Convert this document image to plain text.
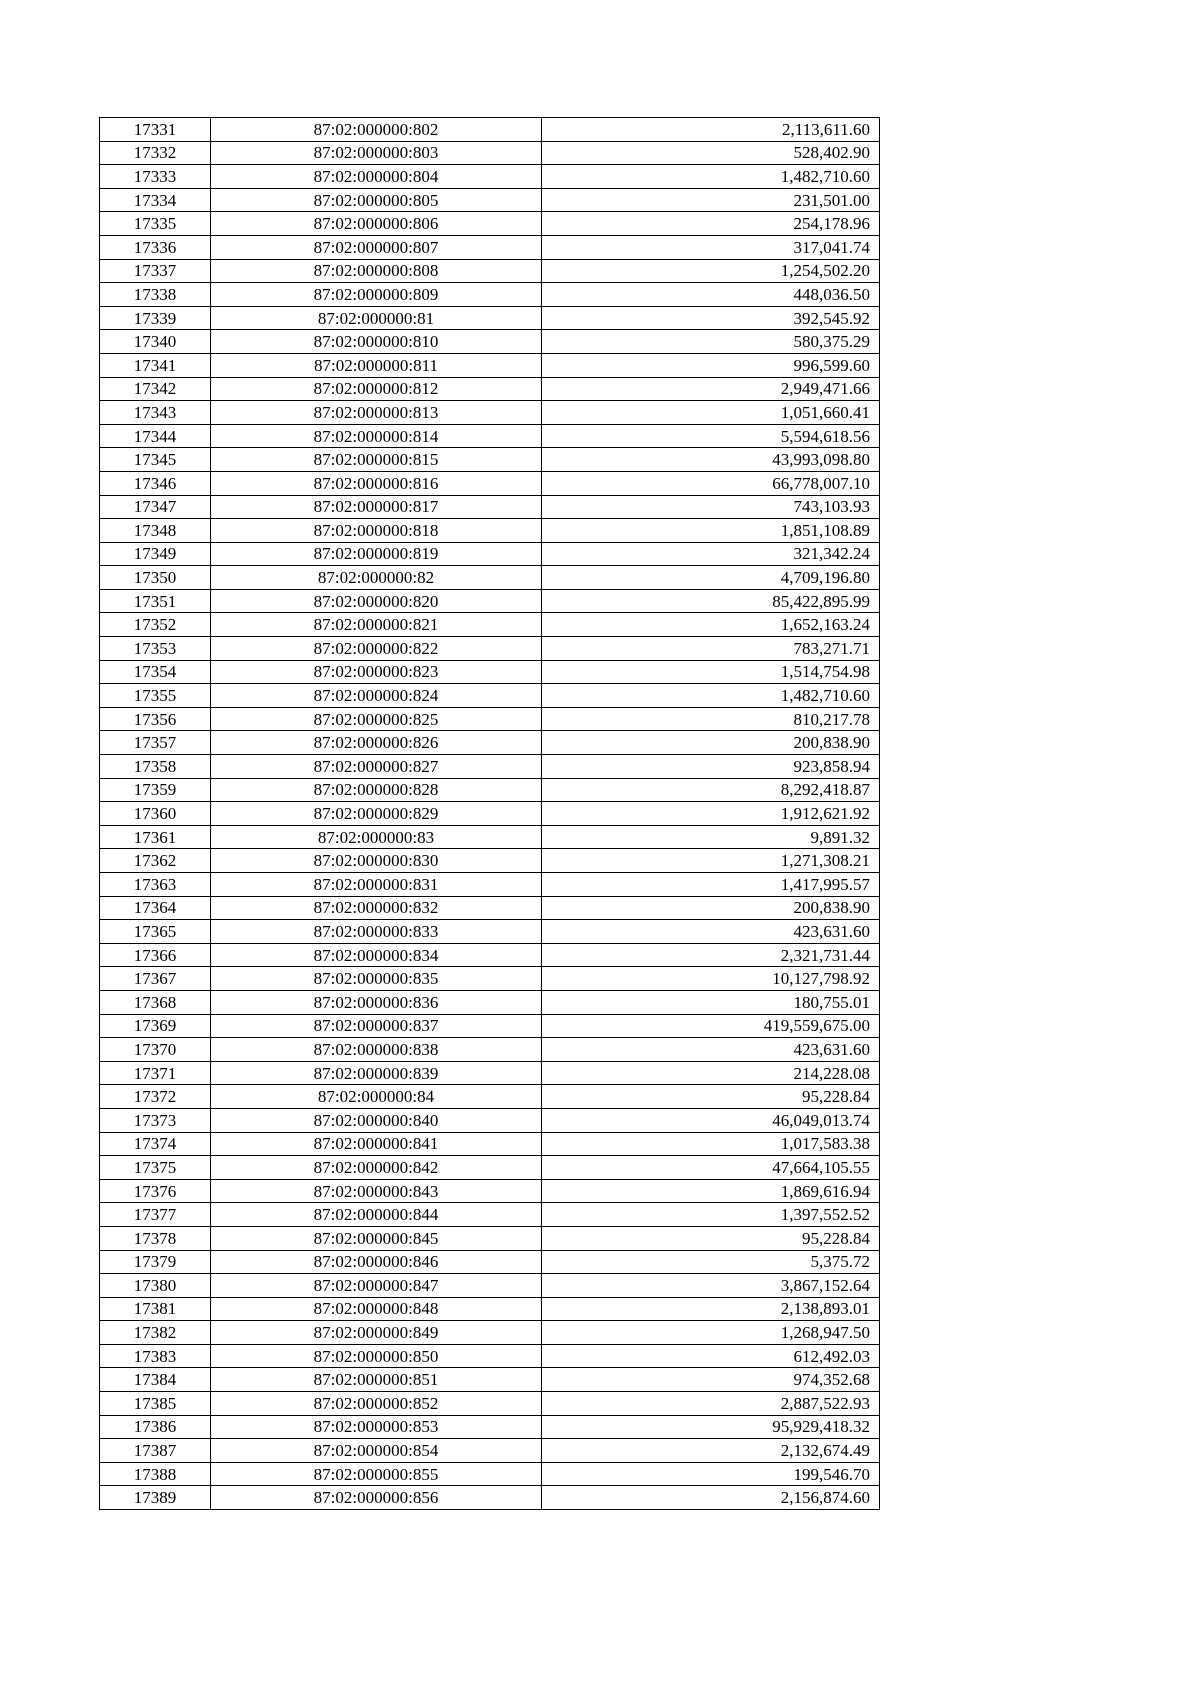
17331	87:02:000000:802	2,113,611.60
17332	87:02:000000:803	528,402.90
17333	87:02:000000:804	1,482,710.60
17334	87:02:000000:805	231,501.00
17335	87:02:000000:806	254,178.96
17336	87:02:000000:807	317,041.74
17337	87:02:000000:808	1,254,502.20
17338	87:02:000000:809	448,036.50
17339	87:02:000000:81	392,545.92
17340	87:02:000000:810	580,375.29
17341	87:02:000000:811	996,599.60
17342	87:02:000000:812	2,949,471.66
17343	87:02:000000:813	1,051,660.41
17344	87:02:000000:814	5,594,618.56
17345	87:02:000000:815	43,993,098.80
17346	87:02:000000:816	66,778,007.10
17347	87:02:000000:817	743,103.93
17348	87:02:000000:818	1,851,108.89
17349	87:02:000000:819	321,342.24
17350	87:02:000000:82	4,709,196.80
17351	87:02:000000:820	85,422,895.99
17352	87:02:000000:821	1,652,163.24
17353	87:02:000000:822	783,271.71
17354	87:02:000000:823	1,514,754.98
17355	87:02:000000:824	1,482,710.60
17356	87:02:000000:825	810,217.78
17357	87:02:000000:826	200,838.90
17358	87:02:000000:827	923,858.94
17359	87:02:000000:828	8,292,418.87
17360	87:02:000000:829	1,912,621.92
17361	87:02:000000:83	9,891.32
17362	87:02:000000:830	1,271,308.21
17363	87:02:000000:831	1,417,995.57
17364	87:02:000000:832	200,838.90
17365	87:02:000000:833	423,631.60
17366	87:02:000000:834	2,321,731.44
17367	87:02:000000:835	10,127,798.92
17368	87:02:000000:836	180,755.01
17369	87:02:000000:837	419,559,675.00
17370	87:02:000000:838	423,631.60
17371	87:02:000000:839	214,228.08
17372	87:02:000000:84	95,228.84
17373	87:02:000000:840	46,049,013.74
17374	87:02:000000:841	1,017,583.38
17375	87:02:000000:842	47,664,105.55
17376	87:02:000000:843	1,869,616.94
17377	87:02:000000:844	1,397,552.52
17378	87:02:000000:845	95,228.84
17379	87:02:000000:846	5,375.72
17380	87:02:000000:847	3,867,152.64
17381	87:02:000000:848	2,138,893.01
17382	87:02:000000:849	1,268,947.50
17383	87:02:000000:850	612,492.03
17384	87:02:000000:851	974,352.68
17385	87:02:000000:852	2,887,522.93
17386	87:02:000000:853	95,929,418.32
17387	87:02:000000:854	2,132,674.49
17388	87:02:000000:855	199,546.70
17389	87:02:000000:856	2,156,874.60
